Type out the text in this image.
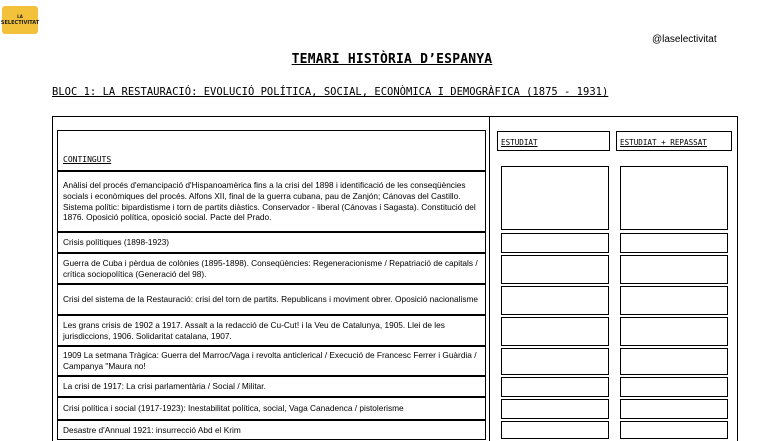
LA
SELECTIVITAT
@laselectivitat
TEMARI HISTÒRIA D’ESPANYA
BLOC 1: LA RESTAURACIÓ: EVOLUCIÓ POLÍTICA, SOCIAL, ECONÒMICA I DEMOGRÀFICA (1875 - 1931)
CONTINGUTS
Anàlisi del procés d'emancipació d'Hispanoamèrica fins a la crisi del 1898 i identificació de les conseqüències socials i econòmiques del procés. Alfons XII, final de la guerra cubana, pau de Zanjón; Cánovas del Castillo. Sistema polític: bipardistisme i torn de partits diàstics. Conservador - liberal (Cánovas i Sagasta). Constitució del 1876. Oposició política, oposició social. Pacte del Prado.
Crisis polítiques (1898-1923)
Guerra de Cuba i pèrdua de colònies (1895-1898). Conseqüències: Regeneracionisme / Repatriació de capitals / crítica sociopolítica (Generació del 98).
Crisi del sistema de la Restauració: crisi del torn de partits. Republicans i moviment obrer. Oposició nacionalisme
Les grans crisis de 1902 a 1917. Assalt a la redacció de Cu-Cut! i la Veu de Catalunya, 1905. Llei de les jurisdiccions, 1906. Solidaritat catalana, 1907.
1909 La setmana Tràgica: Guerra del Marroc/Vaga i revolta anticlerical / Execució de Francesc Ferrer i Guàrdia / Campanya "Maura no!
La crisi de 1917: La crisi parlamentària / Social / Militar.
Crisi política i social (1917-1923): Inestabilitat política, social, Vaga Canadenca / pistolerisme
Desastre d'Annual 1921: insurrecció Abd el Krim
ESTUDIAT	ESTUDIAT + REPASSAT
